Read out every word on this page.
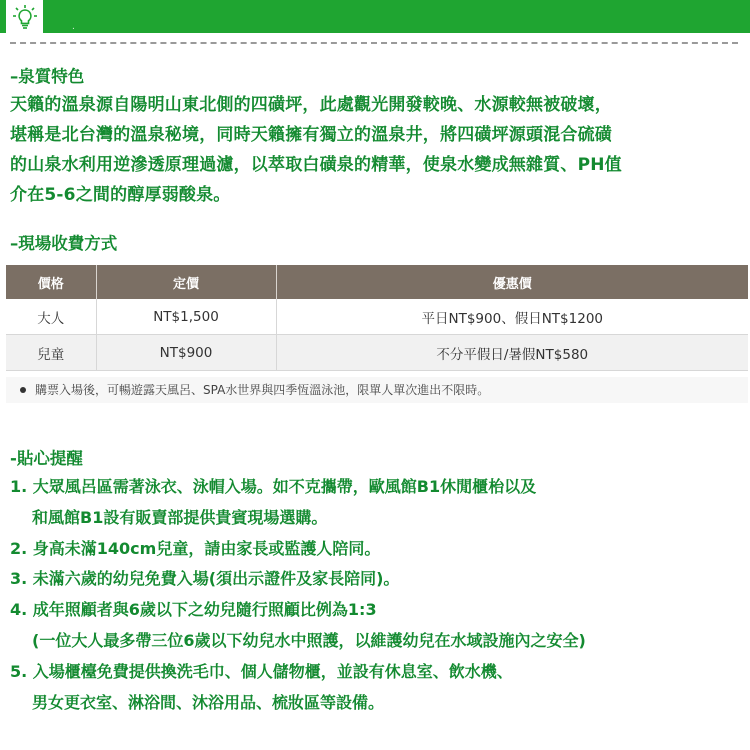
.
–泉質特色
天籟的溫泉源自陽明山東北側的四磺坪，此處觀光開發較晚、水源較無被破壞，
堪稱是北台灣的溫泉秘境，同時天籟擁有獨立的溫泉井，將四磺坪源頭混合硫磺
的山泉水利用逆滲透原理過濾，以萃取白磺泉的精華，使泉水變成無雜質、PH值
介在5-6之間的醇厚弱酸泉。
–現場收費方式
價格	定價	優惠價
大人	NT$1,500	平日NT$900、假日NT$1200
兒童	NT$900	不分平假日/暑假NT$580
購票入場後，可暢遊露天風呂、SPA水世界與四季恆溫泳池，限單人單次進出不限時。
-貼心提醒
1. 大眾風呂區需著泳衣、泳帽入場。如不克攜帶，歐風館B1休閒櫃枱以及
和風館B1設有販賣部提供貴賓現場選購。
2. 身高未滿140cm兒童，請由家長或監護人陪同。
3. 未滿六歲的幼兒免費入場(須出示證件及家長陪同)。
4. 成年照顧者與6歲以下之幼兒隨行照顧比例為1:3
(一位大人最多帶三位6歲以下幼兒水中照護，以維護幼兒在水域設施內之安全)
5. 入場櫃檯免費提供換洗毛巾、個人儲物櫃，並設有休息室、飲水機、
男女更衣室、淋浴間、沐浴用品、梳妝區等設備。
